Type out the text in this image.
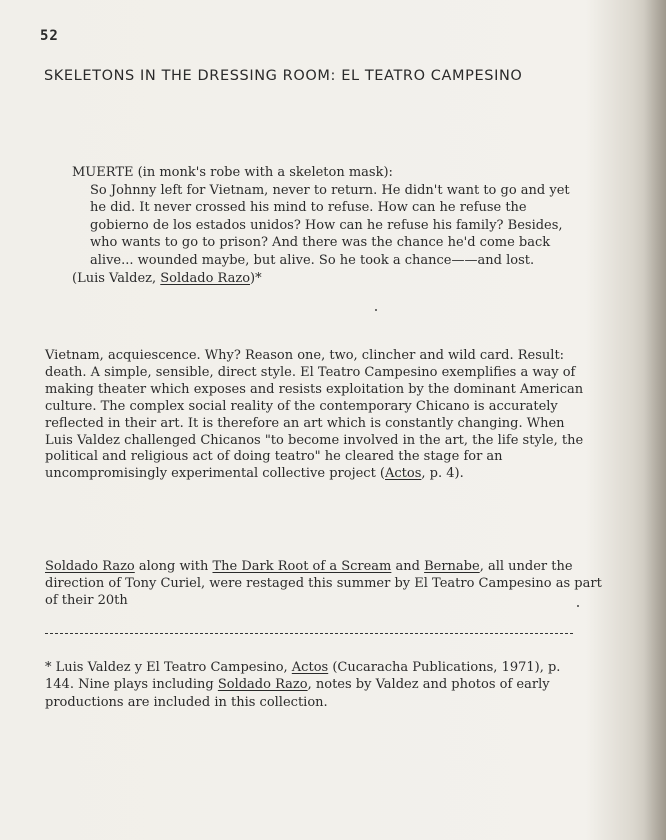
52
SKELETONS IN THE DRESSING ROOM: EL TEATRO CAMPESINO
MUERTE (in monk's robe with a skeleton mask):
So Johnny left for Vietnam, never to return. He didn't want to go and yet he did. It never crossed his mind to refuse. How can he refuse the gobierno de los estados unidos? How can he refuse his family? Besides, who wants to go to prison? And there was the chance he'd come back alive... wounded maybe, but alive. So he took a chance——and lost.
(Luis Valdez, Soldado Razo)*
Vietnam, acquiescence. Why? Reason one, two, clincher and wild card. Result: death. A simple, sensible, direct style. El Teatro Campesino exemplifies a way of making theater which exposes and resists exploitation by the dominant American culture. The complex social reality of the contemporary Chicano is accurately reflected in their art. It is therefore an art which is constantly changing. When Luis Valdez challenged Chicanos "to become involved in the art, the life style, the political and religious act of doing teatro" he cleared the stage for an uncompromisingly experimental collective project (Actos, p. 4).
Soldado Razo along with The Dark Root of a Scream and Bernabe, all under the direction of Tony Curiel, were restaged this summer by El Teatro Campesino as part of their 20th
* Luis Valdez y El Teatro Campesino, Actos (Cucaracha Publications, 1971), p. 144. Nine plays including Soldado Razo, notes by Valdez and photos of early productions are included in this collection.
